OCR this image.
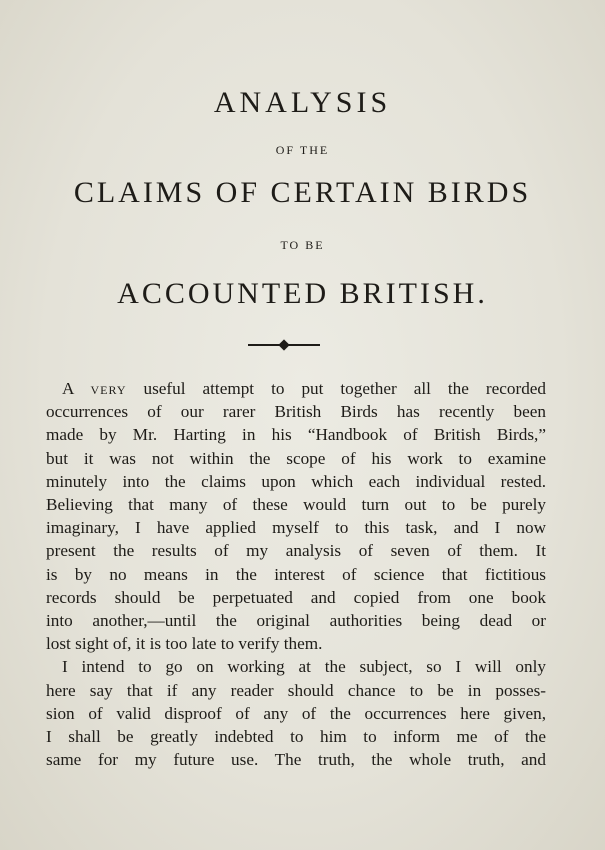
ANALYSIS
OF THE
CLAIMS OF CERTAIN BIRDS
TO BE
ACCOUNTED BRITISH.
A very useful attempt to put together all the recorded
occurrences of our rarer British Birds has recently been
made by Mr. Harting in his “Handbook of British Birds,”
but it was not within the scope of his work to examine
minutely into the claims upon which each individual rested.
Believing that many of these would turn out to be purely
imaginary, I have applied myself to this task, and I now
present the results of my analysis of seven of them. It
is by no means in the interest of science that fictitious
records should be perpetuated and copied from one book
into another,—until the original authorities being dead or
lost sight of, it is too late to verify them.
I intend to go on working at the subject, so I will only
here say that if any reader should chance to be in posses-
sion of valid disproof of any of the occurrences here given,
I shall be greatly indebted to him to inform me of the
same for my future use. The truth, the whole truth, and
